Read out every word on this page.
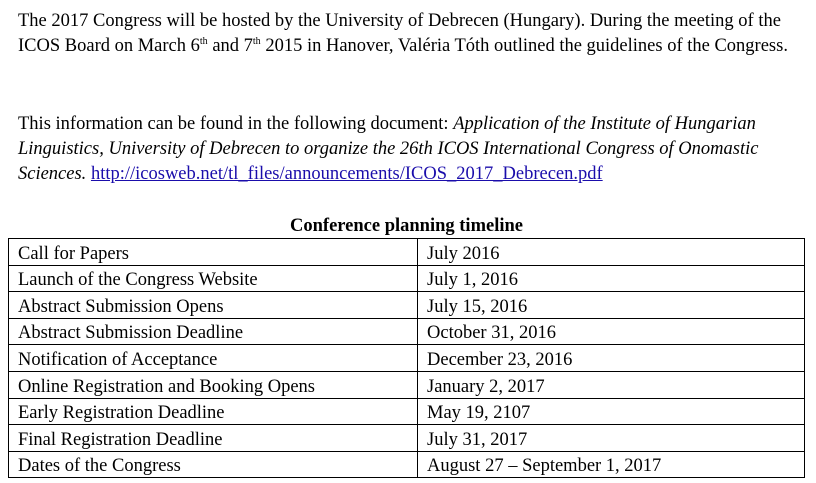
The 2017 Congress will be hosted by the University of Debrecen (Hungary). During the meeting of the ICOS Board on March 6th and 7th 2015 in Hanover, Valéria Tóth outlined the guidelines of the Congress.

This information can be found in the following document: Application of the Institute of Hungarian Linguistics, University of Debrecen to organize the 26th ICOS International Congress of Onomastic Sciences. http://icosweb.net/tl_files/announcements/ICOS_2017_Debrecen.pdf

Conference planning timeline
Call for Papers	July 2016
Launch of the Congress Website	July 1, 2016
Abstract Submission Opens	July 15, 2016
Abstract Submission Deadline	October 31, 2016
Notification of Acceptance	December 23, 2016
Online Registration and Booking Opens	January 2, 2017
Early Registration Deadline	May 19, 2107
Final Registration Deadline	July 31, 2017
Dates of the Congress	August 27 – September 1, 2017
